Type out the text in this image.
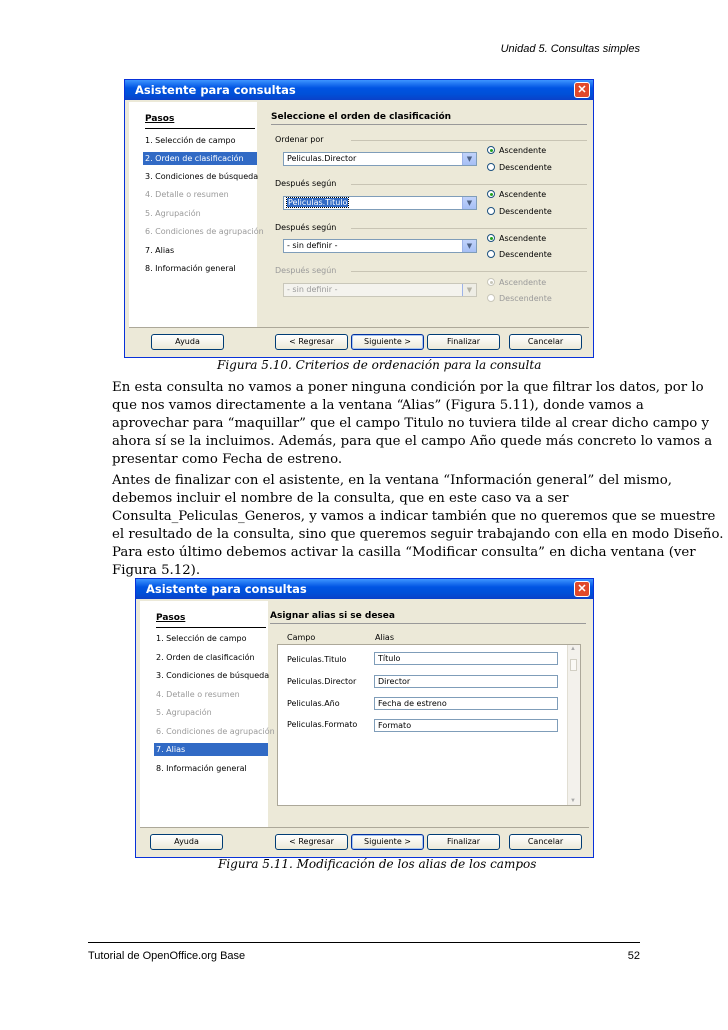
Unidad 5. Consultas simples
Asistente para consultas	✕
Pasos
1. Selección de campo
2. Orden de clasificación
3. Condiciones de búsqueda
4. Detalle o resumen
5. Agrupación
6. Condiciones de agrupación
7. Alias
8. Información general
Seleccione el orden de clasificación
Ordenar por
Peliculas.Director	▼
Ascendente
Descendente
Después según
Peliculas.Titulo	▼
Ascendente
Descendente
Después según
- sin definir -	▼
Ascendente
Descendente
Después según
- sin definir -	▼
Ascendente
Descendente
Ayuda	< Regresar	Siguiente >	Finalizar	Cancelar
Figura 5.10. Criterios de ordenación para la consulta
En esta consulta no vamos a poner ninguna condición por la que filtrar los datos, por lo
que nos vamos directamente a la ventana “Alias” (Figura 5.11), donde vamos a
aprovechar para “maquillar” que el campo Titulo no tuviera tilde al crear dicho campo y
ahora sí se la incluimos. Además, para que el campo Año quede más concreto lo vamos a
presentar como Fecha de estreno.
Antes de finalizar con el asistente, en la ventana “Información general” del mismo,
debemos incluir el nombre de la consulta, que en este caso va a ser
Consulta_Peliculas_Generos, y vamos a indicar también que no queremos que se muestre
el resultado de la consulta, sino que queremos seguir trabajando con ella en modo Diseño.
Para esto último debemos activar la casilla “Modificar consulta” en dicha ventana (ver
Figura 5.12).
Asistente para consultas	✕
Pasos
1. Selección de campo
2. Orden de clasificación
3. Condiciones de búsqueda
4. Detalle o resumen
5. Agrupación
6. Condiciones de agrupación
7. Alias
8. Información general
Asignar alias si se desea
Campo	Alias
▲
▼
Peliculas.Titulo	Título
Peliculas.Director	Director
Peliculas.Año	Fecha de estreno
Peliculas.Formato	Formato
Ayuda	< Regresar	Siguiente >	Finalizar	Cancelar
Figura 5.11. Modificación de los alias de los campos
Tutorial de OpenOffice.org Base	52
